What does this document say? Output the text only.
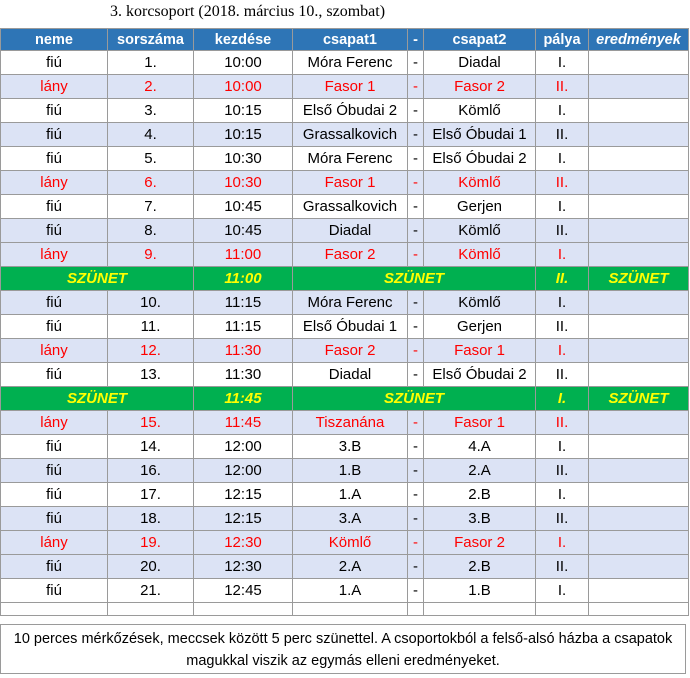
3. korcsoport (2018. március 10., szombat)
neme	sorszáma	kezdése	csapat1	-	csapat2	pálya	eredmények
fiú	1.	10:00	Móra Ferenc	-	Diadal	I.	
lány	2.	10:00	Fasor 1	-	Fasor 2	II.	
fiú	3.	10:15	Első Óbudai 2	-	Kömlő	I.	
fiú	4.	10:15	Grassalkovich	-	Első Óbudai 1	II.	
fiú	5.	10:30	Móra Ferenc	-	Első Óbudai 2	I.	
lány	6.	10:30	Fasor 1	-	Kömlő	II.	
fiú	7.	10:45	Grassalkovich	-	Gerjen	I.	
fiú	8.	10:45	Diadal	-	Kömlő	II.	
lány	9.	11:00	Fasor 2	-	Kömlő	I.	
SZÜNET		11:00	SZÜNET			II.	SZÜNET
fiú	10.	11:15	Móra Ferenc	-	Kömlő	I.	
fiú	11.	11:15	Első Óbudai 1	-	Gerjen	II.	
lány	12.	11:30	Fasor 2	-	Fasor 1	I.	
fiú	13.	11:30	Diadal	-	Első Óbudai 2	II.	
SZÜNET		11:45	SZÜNET			I.	SZÜNET
lány	15.	11:45	Tiszanána	-	Fasor 1	II.	
fiú	14.	12:00	3.B	-	4.A	I.	
fiú	16.	12:00	1.B	-	2.A	II.	
fiú	17.	12:15	1.A	-	2.B	I.	
fiú	18.	12:15	3.A	-	3.B	II.	
lány	19.	12:30	Kömlő	-	Fasor 2	I.	
fiú	20.	12:30	2.A	-	2.B	II.	
fiú	21.	12:45	1.A	-	1.B	I.	

10 perces mérkőzések, meccsek között 5 perc szünettel. A csoportokból a felső-alsó házba a csapatok magukkal viszik az egymás elleni eredményeket.
